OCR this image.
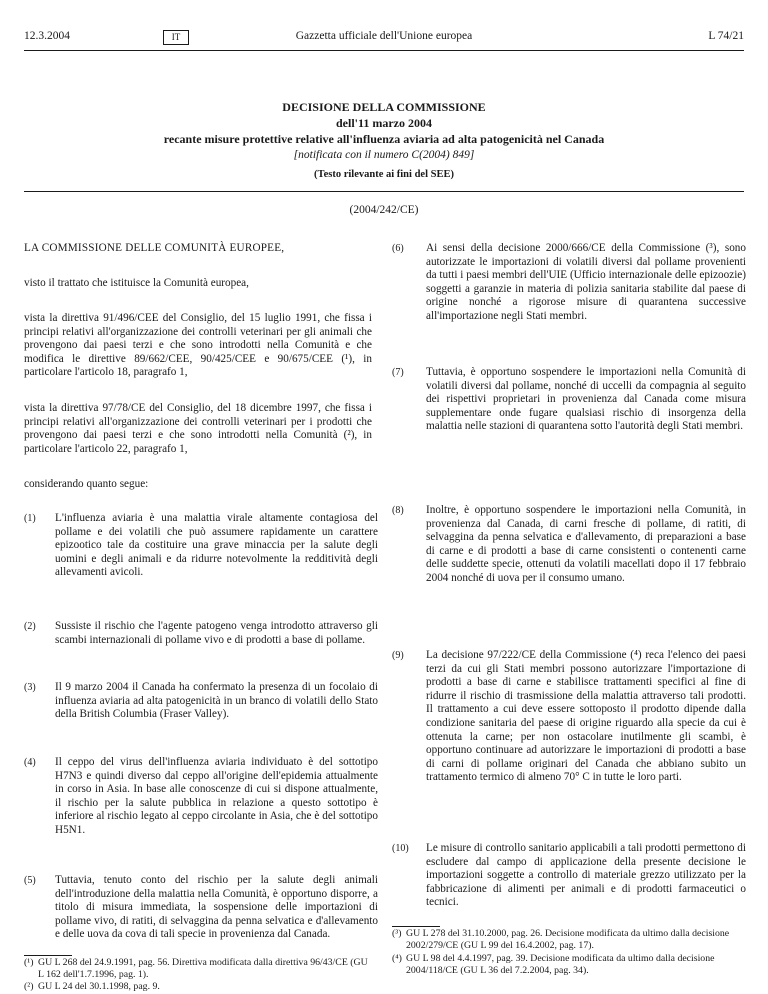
12.3.2004	Gazzetta ufficiale dell'Unione europea
IT	L 74/21
DECISIONE DELLA COMMISSIONE
dell'11 marzo 2004
recante misure protettive relative all'influenza aviaria ad alta patogenicità nel Canada
[notificata con il numero C(2004) 849]
(Testo rilevante ai fini del SEE)
(2004/242/CE)

LA COMMISSIONE DELLE COMUNITÀ EUROPEE,

visto il trattato che istituisce la Comunità europea,

vista la direttiva 91/496/CEE del Consiglio, del 15 luglio 1991, che fissa i principi relativi all'organizzazione dei controlli veterinari per gli animali che provengono dai paesi terzi e che sono introdotti nella Comunità e che modifica le direttive 89/662/CEE, 90/425/CEE e 90/675/CEE (¹), in particolare l'articolo 18, paragrafo 1,

vista la direttiva 97/78/CE del Consiglio, del 18 dicembre 1997, che fissa i principi relativi all'organizzazione dei controlli veterinari per i prodotti che provengono dai paesi terzi e che sono introdotti nella Comunità (²), in particolare l'articolo 22, paragrafo 1,

considerando quanto segue:

(1) L'influenza aviaria è una malattia virale altamente contagiosa del pollame e dei volatili che può assumere rapidamente un carattere epizootico tale da costituire una grave minaccia per la salute degli uomini e degli animali e da ridurre notevolmente la redditività degli allevamenti avicoli.

(2) Sussiste il rischio che l'agente patogeno venga introdotto attraverso gli scambi internazionali di pollame vivo e di prodotti a base di pollame.

(3) Il 9 marzo 2004 il Canada ha confermato la presenza di un focolaio di influenza aviaria ad alta patogenicità in un branco di volatili dello Stato della British Columbia (Fraser Valley).

(4) Il ceppo del virus dell'influenza aviaria individuato è del sottotipo H7N3 e quindi diverso dal ceppo all'origine dell'epidemia attualmente in corso in Asia. In base alle conoscenze di cui si dispone attualmente, il rischio per la salute pubblica in relazione a questo sottotipo è inferiore al rischio legato al ceppo circolante in Asia, che è del sottotipo H5N1.

(5) Tuttavia, tenuto conto del rischio per la salute degli animali dell'introduzione della malattia nella Comunità, è opportuno disporre, a titolo di misura immediata, la sospensione delle importazioni di pollame vivo, di ratiti, di selvaggina da penna selvatica e d'allevamento e delle uova da cova di tali specie in provenienza dal Canada.

(¹) GU L 268 del 24.9.1991, pag. 56. Direttiva modificata dalla direttiva 96/43/CE (GU L 162 dell'1.7.1996, pag. 1).
(²) GU L 24 del 30.1.1998, pag. 9.
(6) Ai sensi della decisione 2000/666/CE della Commissione (³), sono autorizzate le importazioni di volatili diversi dal pollame provenienti da tutti i paesi membri dell'UIE (Ufficio internazionale delle epizoozie) soggetti a garanzie in materia di polizia sanitaria stabilite dal paese di origine nonché a rigorose misure di quarantena successive all'importazione negli Stati membri.

(7) Tuttavia, è opportuno sospendere le importazioni nella Comunità di volatili diversi dal pollame, nonché di uccelli da compagnia al seguito dei rispettivi proprietari in provenienza dal Canada come misura supplementare onde fugare qualsiasi rischio di insorgenza della malattia nelle stazioni di quarantena sotto l'autorità degli Stati membri.

(8) Inoltre, è opportuno sospendere le importazioni nella Comunità, in provenienza dal Canada, di carni fresche di pollame, di ratiti, di selvaggina da penna selvatica e d'allevamento, di preparazioni a base di carne e di prodotti a base di carne consistenti o contenenti carne delle suddette specie, ottenuti da volatili macellati dopo il 17 febbraio 2004 nonché di uova per il consumo umano.

(9) La decisione 97/222/CE della Commissione (⁴) reca l'elenco dei paesi terzi da cui gli Stati membri possono autorizzare l'importazione di prodotti a base di carne e stabilisce trattamenti specifici al fine di ridurre il rischio di trasmissione della malattia attraverso tali prodotti. Il trattamento a cui deve essere sottoposto il prodotto dipende dalla condizione sanitaria del paese di origine riguardo alla specie da cui è ottenuta la carne; per non ostacolare inutilmente gli scambi, è opportuno continuare ad autorizzare le importazioni di prodotti a base di carni di pollame originari del Canada che abbiano subito un trattamento termico di almeno 70° C in tutte le loro parti.

(10) Le misure di controllo sanitario applicabili a tali prodotti permettono di escludere dal campo di applicazione della presente decisione le importazioni soggette a controllo di materiale grezzo utilizzato per la fabbricazione di alimenti per animali e di prodotti farmaceutici o tecnici.

(³) GU L 278 del 31.10.2000, pag. 26. Decisione modificata da ultimo dalla decisione 2002/279/CE (GU L 99 del 16.4.2002, pag. 17).
(⁴) GU L 98 del 4.4.1997, pag. 39. Decisione modificata da ultimo dalla decisione 2004/118/CE (GU L 36 del 7.2.2004, pag. 34).
